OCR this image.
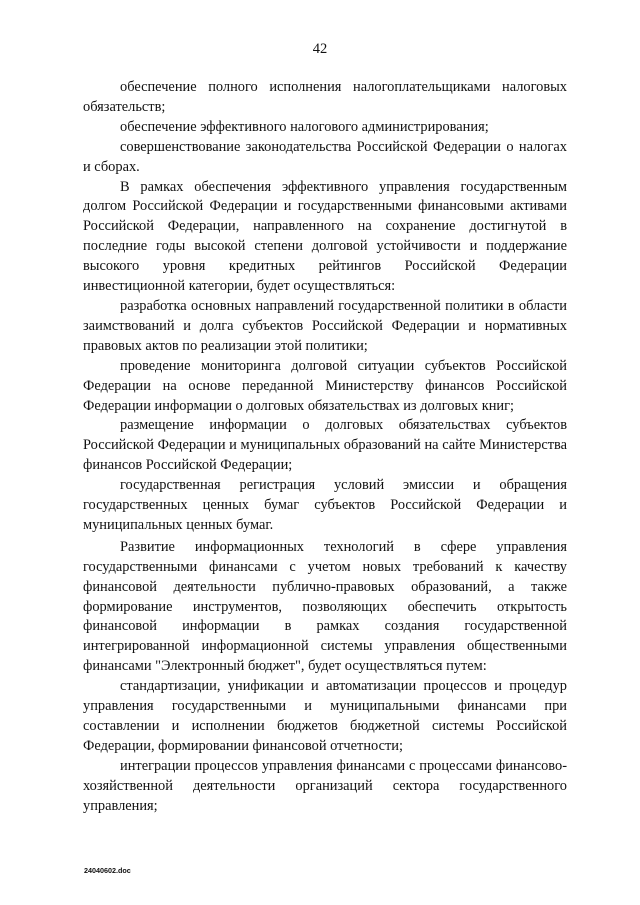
42

обеспечение полного исполнения налогоплательщиками налоговых обязательств;

обеспечение эффективного налогового администрирования;

совершенствование законодательства Российской Федерации о налогах и сборах.

В рамках обеспечения эффективного управления государственным долгом Российской Федерации и государственными финансовыми активами Российской Федерации, направленного на сохранение достигнутой в последние годы высокой степени долговой устойчивости и поддержание высокого уровня кредитных рейтингов Российской Федерации инвестиционной категории, будет осуществляться:

разработка основных направлений государственной политики в области заимствований и долга субъектов Российской Федерации и нормативных правовых актов по реализации этой политики;

проведение мониторинга долговой ситуации субъектов Российской Федерации на основе переданной Министерству финансов Российской Федерации информации о долговых обязательствах из долговых книг;

размещение информации о долговых обязательствах субъектов Российской Федерации и муниципальных образований на сайте Министерства финансов Российской Федерации;

государственная регистрация условий эмиссии и обращения государственных ценных бумаг субъектов Российской Федерации и муниципальных ценных бумаг.

Развитие информационных технологий в сфере управления государственными финансами с учетом новых требований к качеству финансовой деятельности публично-правовых образований, а также формирование инструментов, позволяющих обеспечить открытость финансовой информации в рамках создания государственной интегрированной информационной системы управления общественными финансами "Электронный бюджет", будет осуществляться путем:

стандартизации, унификации и автоматизации процессов и процедур управления государственными и муниципальными финансами при составлении и исполнении бюджетов бюджетной системы Российской Федерации, формировании финансовой отчетности;

интеграции процессов управления финансами с процессами финансово-хозяйственной деятельности организаций сектора государственного управления;

24040602.doc
